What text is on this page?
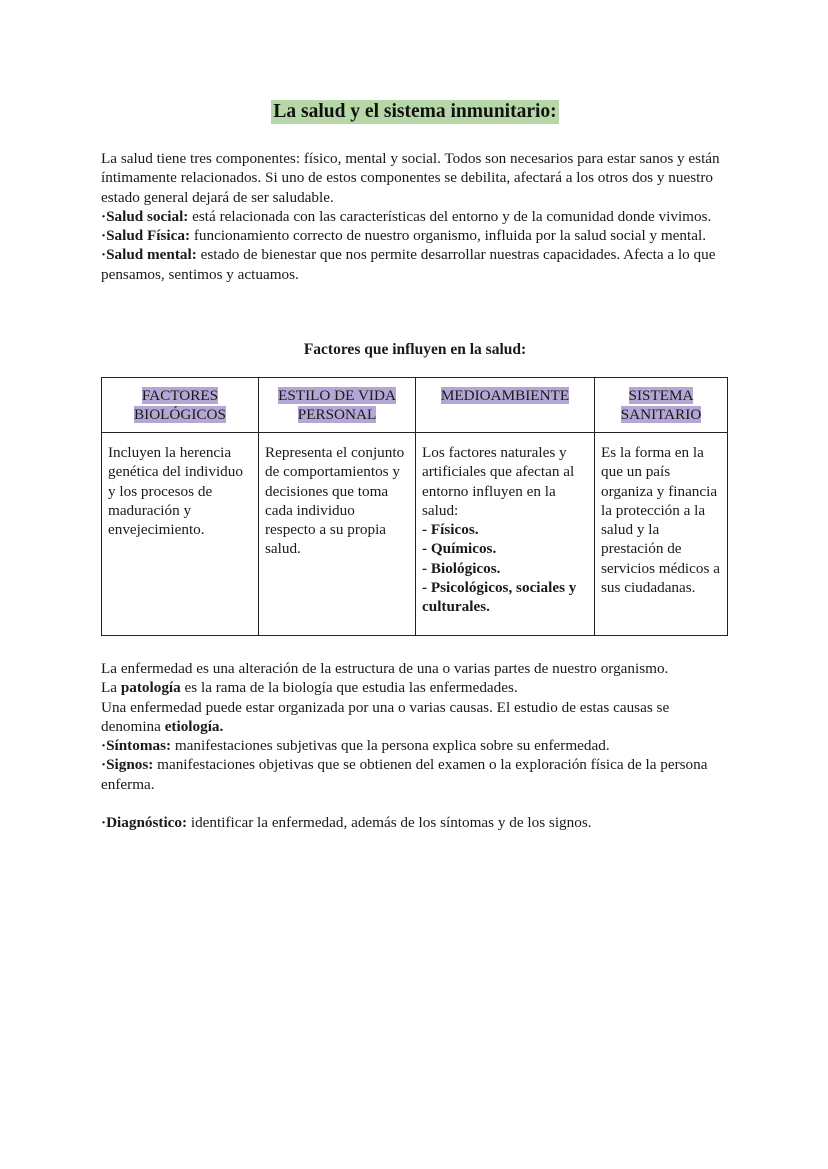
La salud y el sistema inmunitario:

La salud tiene tres componentes: físico, mental y social. Todos son necesarios para estar sanos y están íntimamente relacionados. Si uno de estos componentes se debilita, afectará a los otros dos y nuestro estado general dejará de ser saludable.

·Salud social: está relacionada con las características del entorno y de la comunidad donde vivimos.

·Salud Física: funcionamiento correcto de nuestro organismo, influida por la salud social y mental.

·Salud mental: estado de bienestar que nos permite desarrollar nuestras capacidades. Afecta a lo que pensamos, sentimos y actuamos.

Factores que influyen en la salud:
FACTORES BIOLÓGICOS	ESTILO DE VIDA PERSONAL	MEDIOAMBIENTE	SISTEMA SANITARIO
Incluyen la herencia genética del individuo y los procesos de maduración y envejecimiento.	Representa el conjunto de comportamientos y decisiones que toma cada individuo respecto a su propia salud.	Los factores naturales y artificiales que afectan al entorno influyen en la salud:
- Físicos.
- Químicos.
- Biológicos.
- Psicológicos, sociales y culturales.	Es la forma en la que un país organiza y financia la protección a la salud y la prestación de servicios médicos a sus ciudadanas.

La enfermedad es una alteración de la estructura de una o varias partes de nuestro organismo.

La patología es la rama de la biología que estudia las enfermedades.

Una enfermedad puede estar organizada por una o varias causas. El estudio de estas causas se denomina etiología.

·Síntomas: manifestaciones subjetivas que la persona explica sobre su enfermedad.

·Signos: manifestaciones objetivas que se obtienen del examen o la exploración física de la persona enferma.

·Diagnóstico: identificar la enfermedad, además de los síntomas y de los signos.
